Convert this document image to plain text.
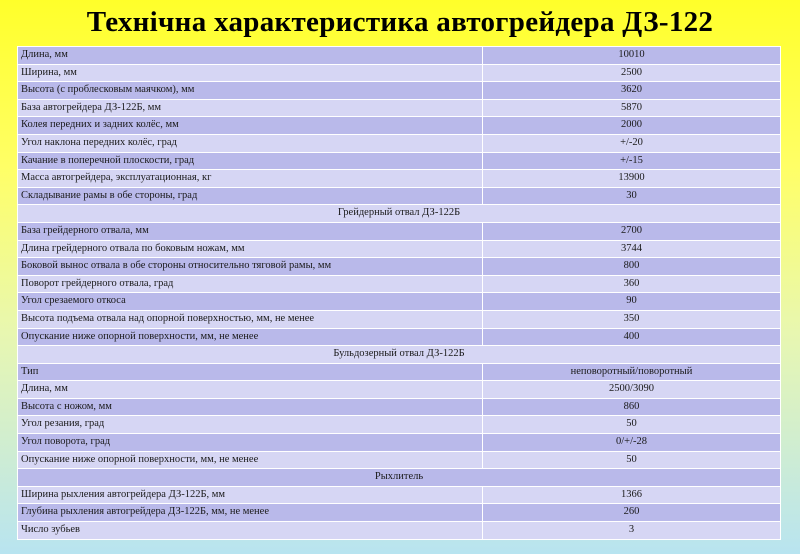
Технічна характеристика автогрейдера ДЗ-122
Длина, мм	10010
Ширина, мм	2500
Высота (с проблесковым маячком), мм	3620
База автогрейдера ДЗ-122Б, мм	5870
Колея передних и задних колёс, мм	2000
Угол наклона передних колёс, град	+/-20
Качание в поперечной плоскости, град	+/-15
Масса автогрейдера, эксплуатационная, кг	13900
Складывание рамы в обе стороны, град	30
Грейдерный отвал ДЗ-122Б	
База грейдерного отвала, мм	2700
Длина грейдерного отвала по боковым ножам, мм	3744
Боковой вынос отвала в обе стороны относительно тяговой рамы, мм	800
Поворот грейдерного отвала, град	360
Угол срезаемого откоса	90
Высота подъема отвала над опорной поверхностью, мм, не менее	350
Опускание ниже опорной поверхности, мм, не менее	400
Бульдозерный отвал ДЗ-122Б	
Тип	неповоротный/поворотный
Длина, мм	2500/3090
Высота с ножом, мм	860
Угол резания, град	50
Угол поворота, град	0/+/-28
Опускание ниже опорной поверхности, мм, не менее	50
Рыхлитель	
Ширина рыхления автогрейдера ДЗ-122Б, мм	1366
Глубина рыхления автогрейдера ДЗ-122Б, мм, не менее	260
Число зубьев	3
